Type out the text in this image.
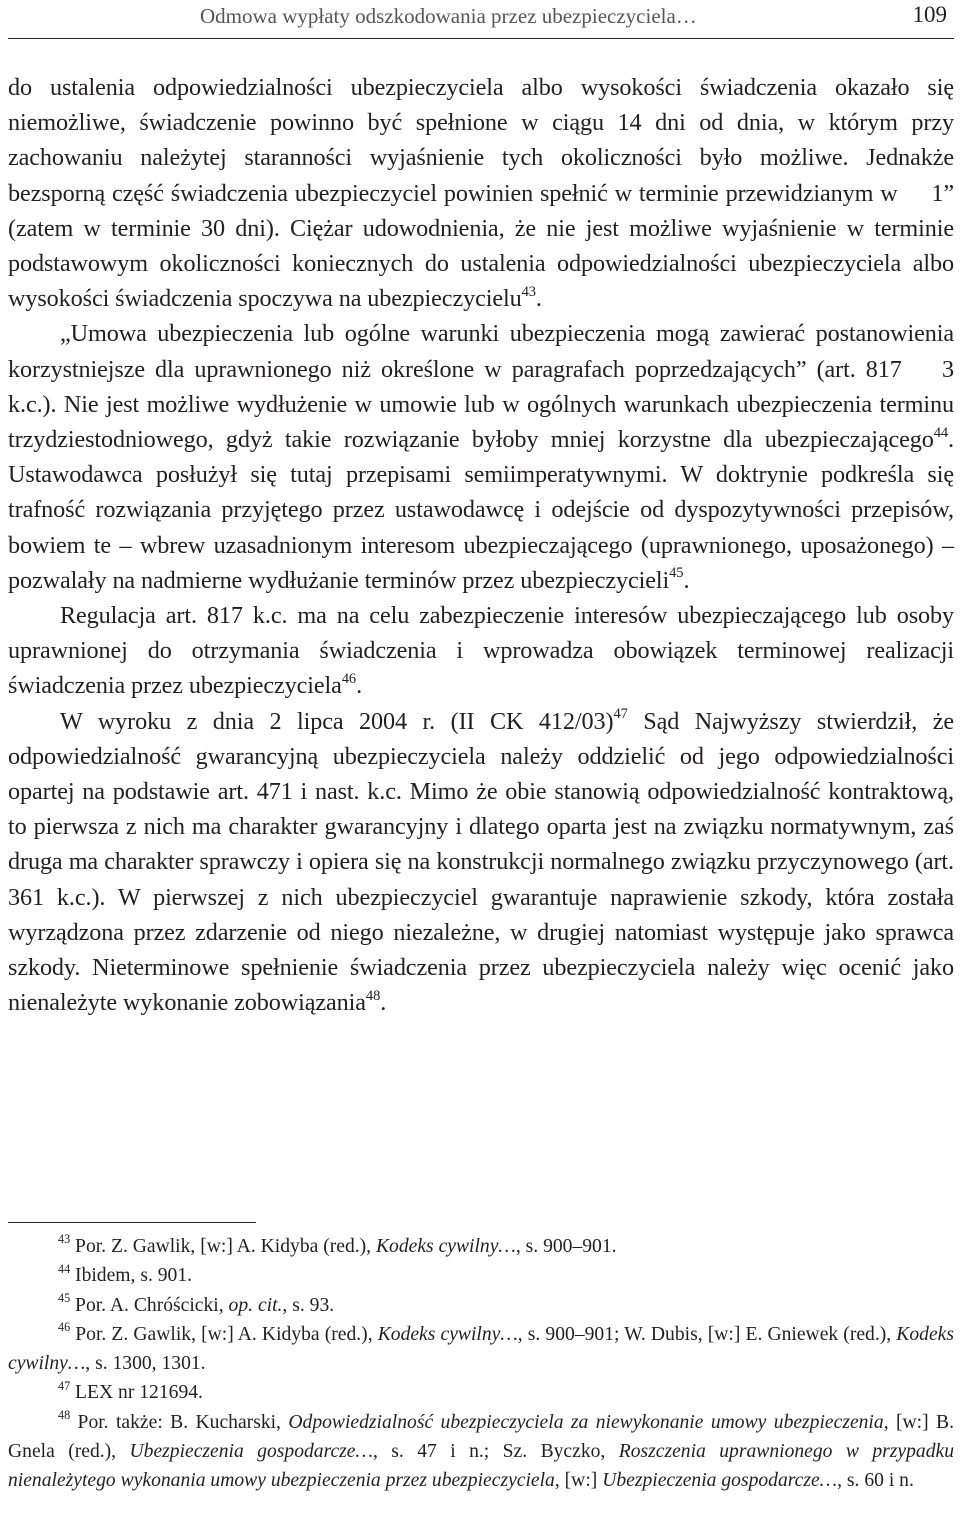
Odmowa wypłaty odszkodowania przez ubezpieczyciela…	109

do ustalenia odpowiedzialności ubezpieczyciela albo wysokości świadczenia okazało się niemożliwe, świadczenie powinno być spełnione w ciągu 14 dni od dnia, w którym przy zachowaniu należytej staranności wyjaśnienie tych okoliczności było możliwe. Jednakże bezsporną część świadczenia ubezpieczyciel powinien spełnić w terminie przewidzianym w  1” (zatem w terminie 30 dni). Ciężar udowodnienia, że nie jest możliwe wyjaśnienie w terminie podstawowym okoliczności koniecznych do ustalenia odpowiedzialności ubezpieczyciela albo wysokości świadczenia spoczywa na ubezpieczycielu$^{43}$.

„Umowa ubezpieczenia lub ogólne warunki ubezpieczenia mogą zawierać postanowienia korzystniejsze dla uprawnionego niż określone w paragrafach poprzedzających” (art. 817  3 k.c.). Nie jest możliwe wydłużenie w umowie lub w ogólnych warunkach ubezpieczenia terminu trzydziestodniowego, gdyż takie rozwiązanie byłoby mniej korzystne dla ubezpieczającego$^{44}$. Ustawodawca posłużył się tutaj przepisami semiimperatywnymi. W doktrynie podkreśla się trafność rozwiązania przyjętego przez ustawodawcę i odejście od dyspozytywności przepisów, bowiem te – wbrew uzasadnionym interesom ubezpieczającego (uprawnionego, uposażonego) – pozwalały na nadmierne wydłużanie terminów przez ubezpieczycieli$^{45}$.

Regulacja art. 817 k.c. ma na celu zabezpieczenie interesów ubezpieczającego lub osoby uprawnionej do otrzymania świadczenia i wprowadza obowiązek terminowej realizacji świadczenia przez ubezpieczyciela$^{46}$.

W wyroku z dnia 2 lipca 2004 r. (II CK 412/03)$^{47}$ Sąd Najwyższy stwierdził, że odpowiedzialność gwarancyjną ubezpieczyciela należy oddzielić od jego odpowiedzialności opartej na podstawie art. 471 i nast. k.c. Mimo że obie stanowią odpowiedzialność kontraktową, to pierwsza z nich ma charakter gwarancyjny i dlatego oparta jest na związku normatywnym, zaś druga ma charakter sprawczy i opiera się na konstrukcji normalnego związku przyczynowego (art. 361 k.c.). W pierwszej z nich ubezpieczyciel gwarantuje naprawienie szkody, która została wyrządzona przez zdarzenie od niego niezależne, w drugiej natomiast występuje jako sprawca szkody. Nieterminowe spełnienie świadczenia przez ubezpieczyciela należy więc ocenić jako nienależyte wykonanie zobowiązania$^{48}$.

$^{43}$ Por. Z. Gawlik, [w:] A. Kidyba (red.), Kodeks cywilny…, s. 900–901.

$^{44}$ Ibidem, s. 901.

$^{45}$ Por. A. Chróścicki, op. cit., s. 93.

$^{46}$ Por. Z. Gawlik, [w:] A. Kidyba (red.), Kodeks cywilny…, s. 900–901; W. Dubis, [w:] E. Gniewek (red.), Kodeks cywilny…, s. 1300, 1301.

$^{47}$ LEX nr 121694.

$^{48}$ Por. także: B. Kucharski, Odpowiedzialność ubezpieczyciela za niewykonanie umowy ubezpieczenia, [w:] B. Gnela (red.), Ubezpieczenia gospodarcze…, s. 47 i n.; Sz. Byczko, Roszczenia uprawnionego w przypadku nienależytego wykonania umowy ubezpieczenia przez ubezpieczyciela, [w:] Ubezpieczenia gospodarcze…, s. 60 i n.
